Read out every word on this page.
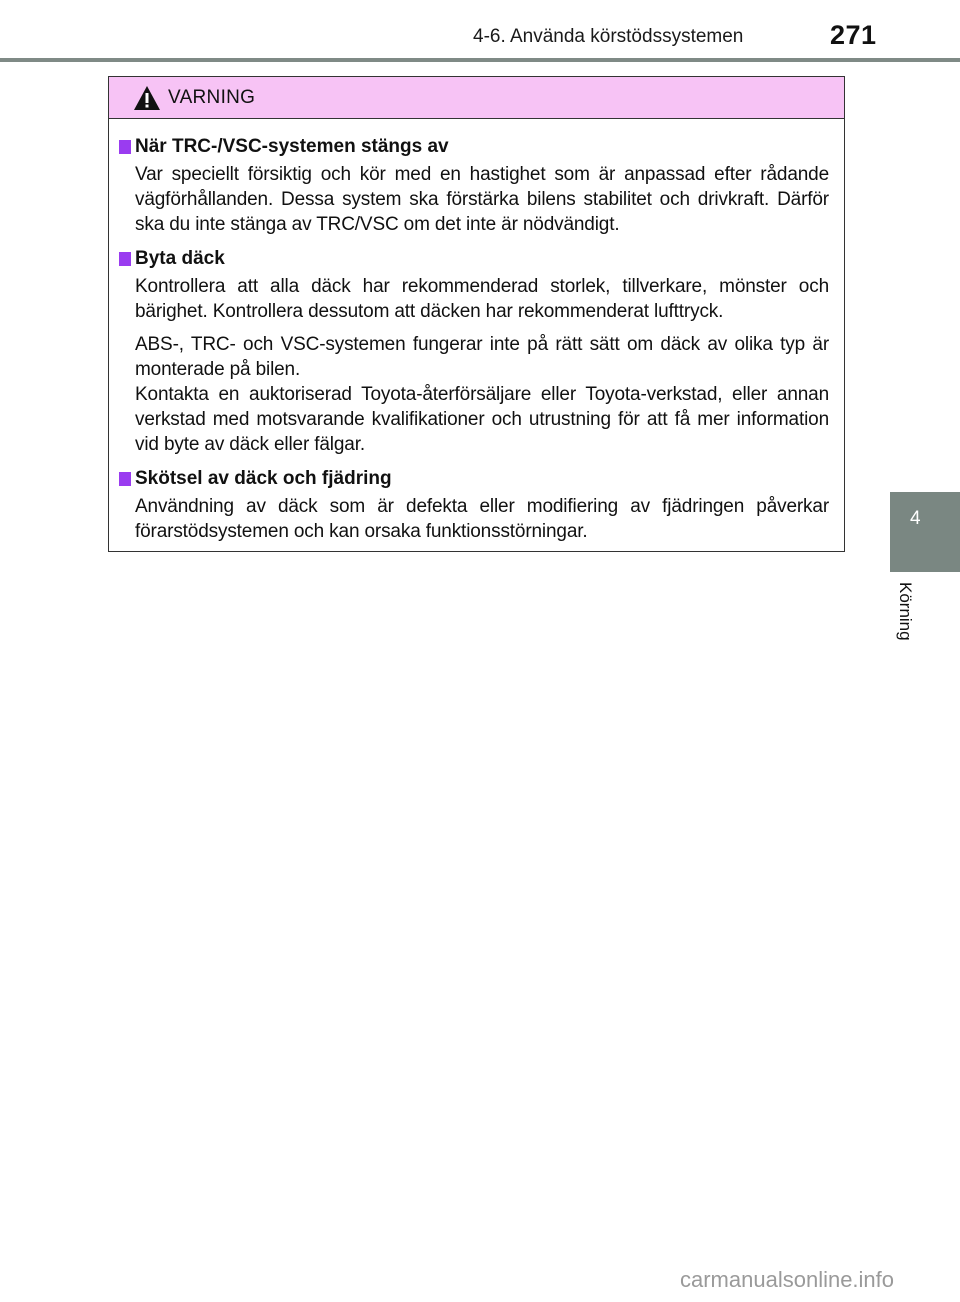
4-6. Använda körstödssystemen	271
VARNING
När TRC-/VSC-systemen stängs av

Var speciellt försiktig och kör med en hastighet som är anpassad efter rådande vägförhållanden. Dessa system ska förstärka bilens stabilitet och drivkraft. Därför ska du inte stänga av TRC/VSC om det inte är nödvändigt.

Byta däck

Kontrollera att alla däck har rekommenderad storlek, tillverkare, mönster och bärighet. Kontrollera dessutom att däcken har rekommenderat lufttryck.

ABS-, TRC- och VSC-systemen fungerar inte på rätt sätt om däck av olika typ är monterade på bilen.
Kontakta en auktoriserad Toyota-återförsäljare eller Toyota-verkstad, eller annan verkstad med motsvarande kvalifikationer och utrustning för att få mer information vid byte av däck eller fälgar.

Skötsel av däck och fjädring

Användning av däck som är defekta eller modifiering av fjädringen påverkar förarstödsystemen och kan orsaka funktionsstörningar.

4
Körning
carmanualsonline.info
